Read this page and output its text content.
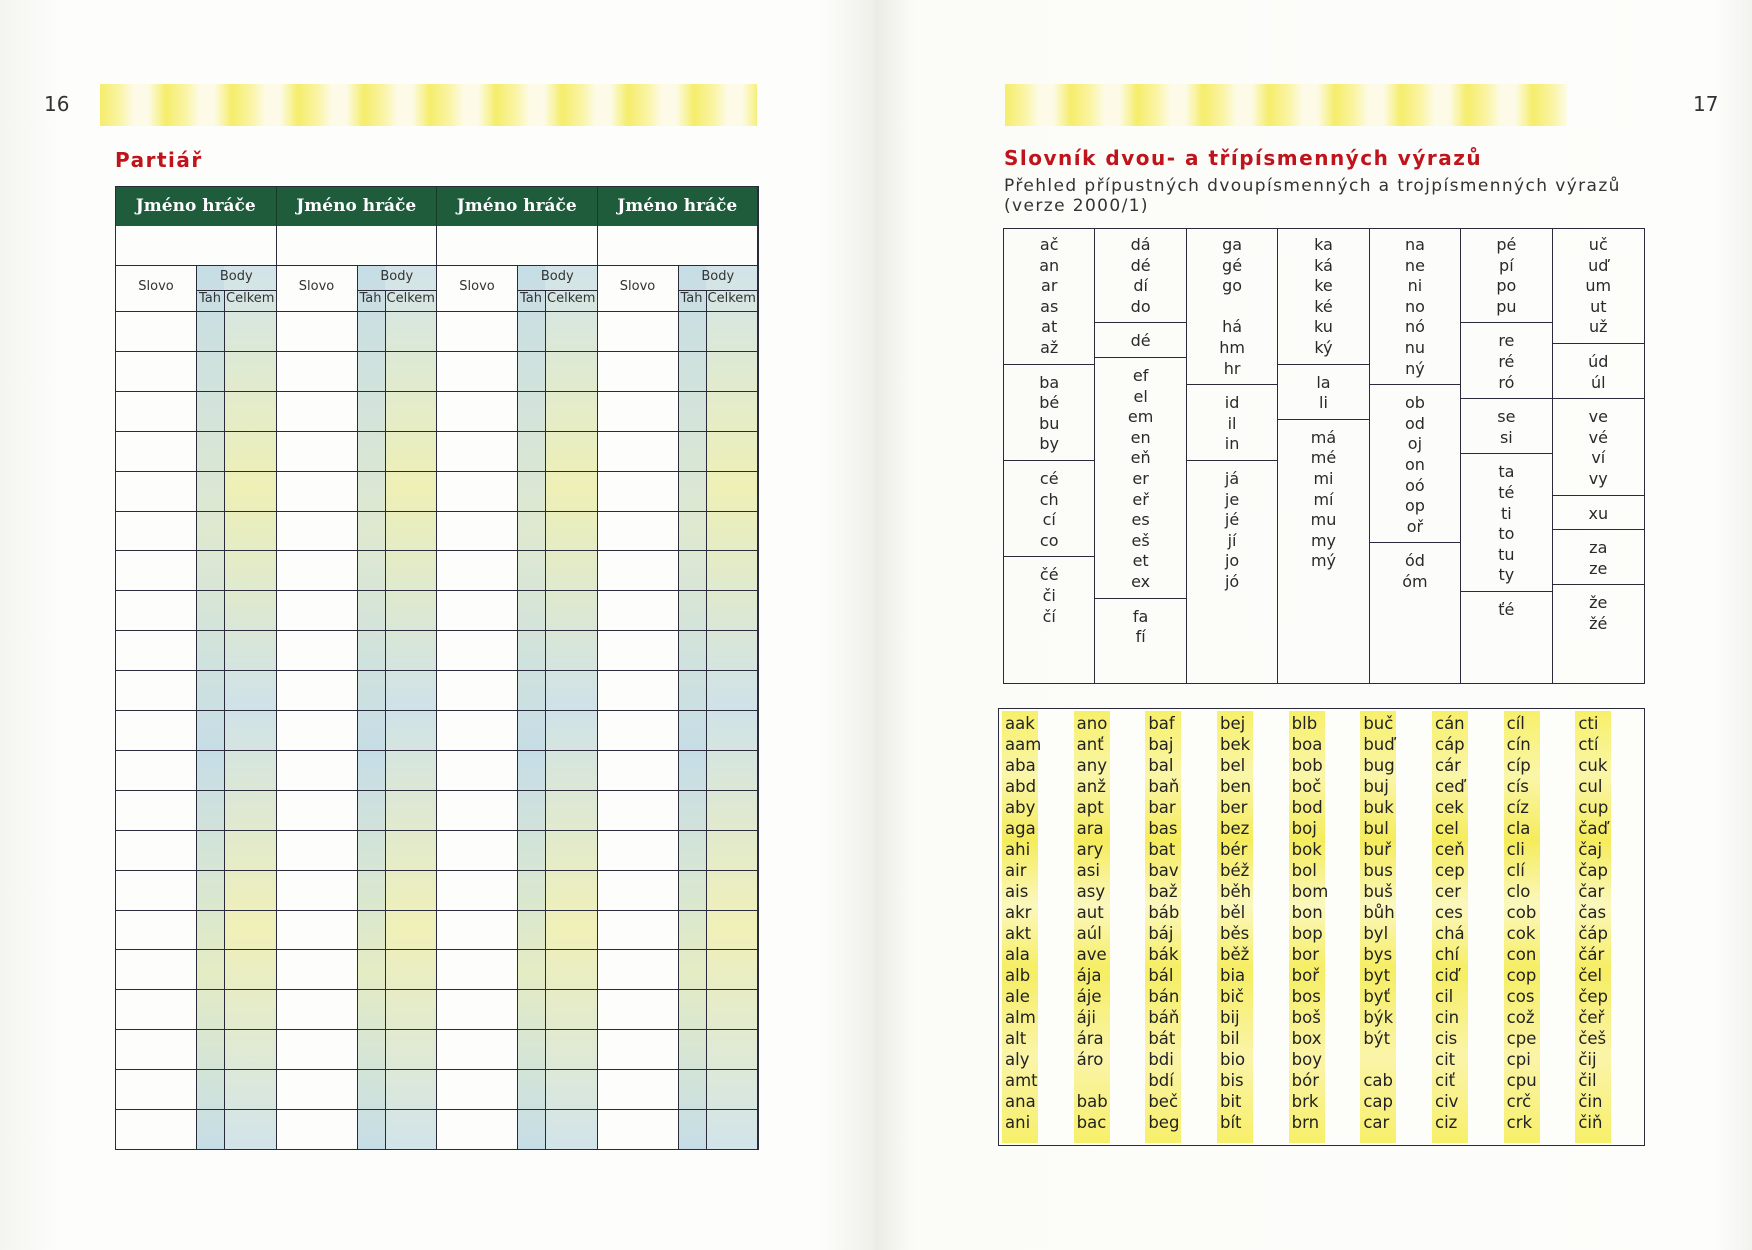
16
Partiář
Jméno hráče
Slovo
Body
Tah Celkem
Jméno hráče
Slovo
Body
Tah Celkem
Jméno hráče
Slovo
Body
Tah Celkem
Jméno hráče
Slovo
Body
Tah Celkem
17
Slovník dvou- a třípísmenných výrazů
Přehled přípustných dvoupísmenných a trojpísmenných výrazů (verze 2000/1)
ač
an
ar
as
at
až
ba
bé
bu
by
cé
ch
cí
co
čé
či
čí
dá
dé
dí
do
dé
ef
el
em
en
eň
er
eř
es
eš
et
ex
fa
fí
ga
gé
go

há
hm
hr
id
il
in
já
je
jé
jí
jo
jó
ka
ká
ke
ké
ku
ký
la
li
má
mé
mi
mí
mu
my
mý
na
ne
ni
no
nó
nu
ný
ob
od
oj
on
oó
op
oř
ód
óm
pé
pí
po
pu
re
ré
ró
se
si
ta
té
ti
to
tu
ty
ťé
uč
uď
um
ut
už
úd
úl
ve
vé
ví
vy
xu
za
ze
že
žé
aak
aam
aba
abd
aby
aga
ahi
air
ais
akr
akt
ala
alb
ale
alm
alt
aly
amt
ana
ani
ano
anť
any
anž
apt
ara
ary
asi
asy
aut
aúl
ave
ája
áje
áji
ára
áro

bab
bac
baf
baj
bal
baň
bar
bas
bat
bav
baž
báb
báj
bák
bál
bán
báň
bát
bdi
bdí
beč
beg
bej
bek
bel
ben
ber
bez
bér
béž
běh
běl
běs
běž
bia
bič
bij
bil
bio
bis
bit
bít
blb
boa
bob
boč
bod
boj
bok
bol
bom
bon
bop
bor
boř
bos
boš
box
boy
bór
brk
brn
buč
buď
bug
buj
buk
bul
buř
bus
buš
bůh
byl
bys
byt
byť
býk
být

cab
cap
car
cán
cáp
cár
ceď
cek
cel
ceň
cep
cer
ces
chá
chí
ciď
cil
cin
cis
cit
ciť
civ
ciz
cíl
cín
cíp
cís
cíz
cla
cli
clí
clo
cob
cok
con
cop
cos
což
cpe
cpi
cpu
crč
crk
cti
ctí
cuk
cul
cup
čaď
čaj
čap
čar
čas
čáp
čár
čel
čep
čeř
češ
čij
čil
čin
čiň
